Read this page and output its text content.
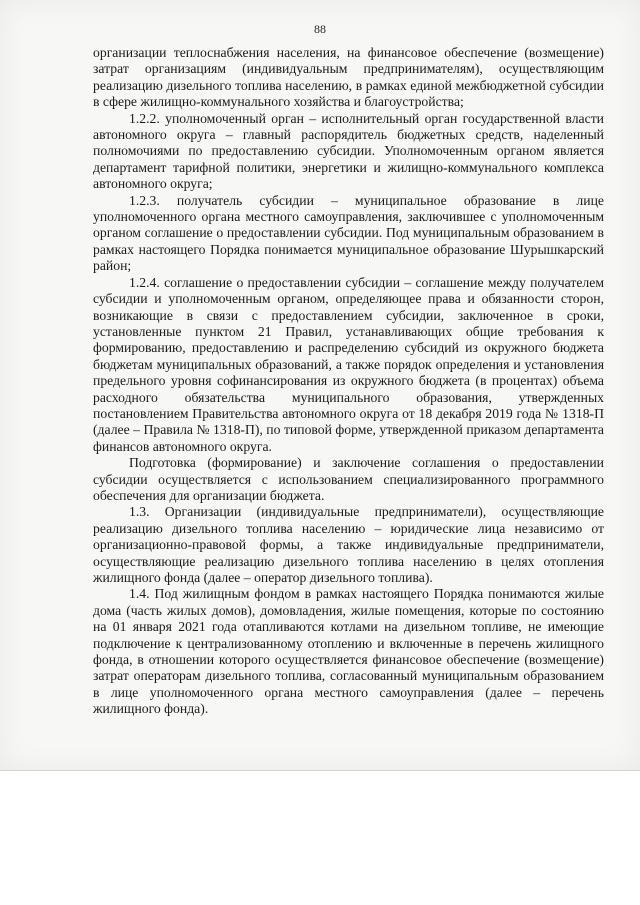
88

организации теплоснабжения населения, на финансовое обеспечение (возмещение) затрат организациям (индивидуальным предпринимателям), осуществляющим реализацию дизельного топлива населению, в рамках единой межбюджетной субсидии в сфере жилищно-коммунального хозяйства и благоустройства;

1.2.2. уполномоченный орган – исполнительный орган государственной власти автономного округа – главный распорядитель бюджетных средств, наделенный полномочиями по предоставлению субсидии. Уполномоченным органом является департамент тарифной политики, энергетики и жилищно-коммунального комплекса автономного округа;

1.2.3. получатель субсидии – муниципальное образование в лице уполномоченного органа местного самоуправления, заключившее с уполномоченным органом соглашение о предоставлении субсидии. Под муниципальным образованием в рамках настоящего Порядка понимается муниципальное образование Шурышкарский район;

1.2.4. соглашение о предоставлении субсидии – соглашение между получателем субсидии и уполномоченным органом, определяющее права и обязанности сторон, возникающие в связи с предоставлением субсидии, заключенное в сроки, установленные пунктом 21 Правил, устанавливающих общие требования к формированию, предоставлению и распределению субсидий из окружного бюджета бюджетам муниципальных образований, а также порядок определения и установления предельного уровня софинансирования из окружного бюджета (в процентах) объема расходного обязательства муниципального образования, утвержденных постановлением Правительства автономного округа от 18 декабря 2019 года № 1318-П (далее – Правила № 1318-П), по типовой форме, утвержденной приказом департамента финансов автономного округа.

Подготовка (формирование) и заключение соглашения о предоставлении субсидии осуществляется с использованием специализированного программного обеспечения для организации бюджета.

1.3. Организации (индивидуальные предприниматели), осуществляющие реализацию дизельного топлива населению – юридические лица независимо от организационно-правовой формы, а также индивидуальные предприниматели, осуществляющие реализацию дизельного топлива населению в целях отопления жилищного фонда (далее – оператор дизельного топлива).

1.4. Под жилищным фондом в рамках настоящего Порядка понимаются жилые дома (часть жилых домов), домовладения, жилые помещения, которые по состоянию на 01 января 2021 года отапливаются котлами на дизельном топливе, не имеющие подключение к централизованному отоплению и включенные в перечень жилищного фонда, в отношении которого осуществляется финансовое обеспечение (возмещение) затрат операторам дизельного топлива, согласованный муниципальным образованием в лице уполномоченного органа местного самоуправления (далее – перечень жилищного фонда).
